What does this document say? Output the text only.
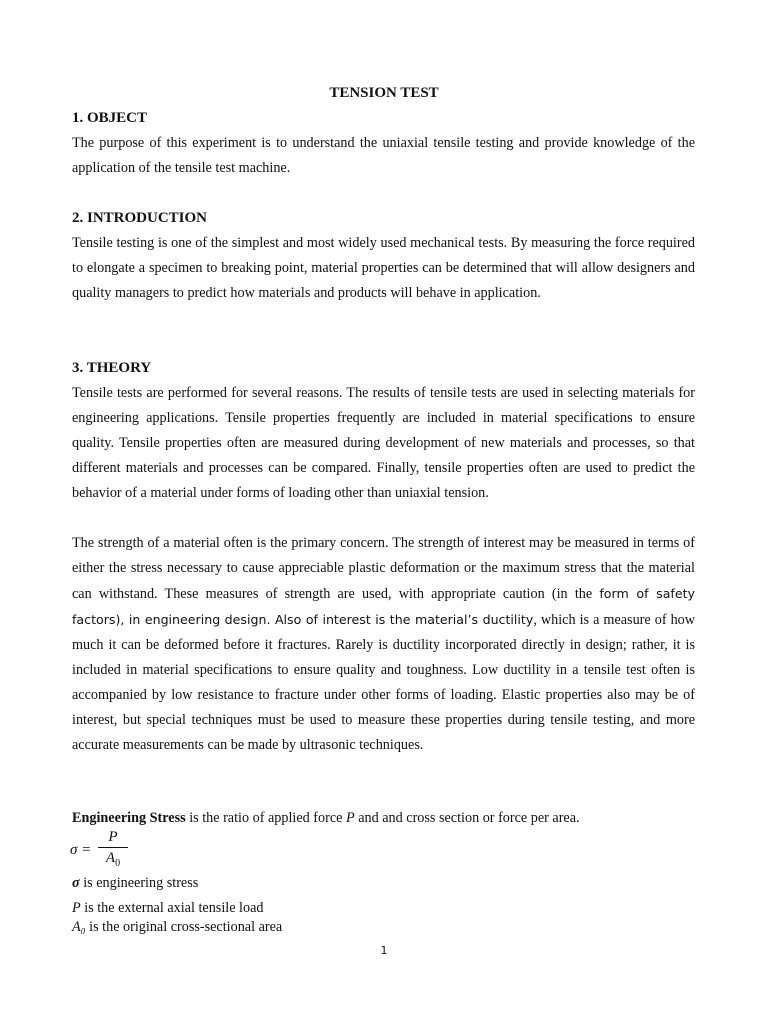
TENSION TEST
1. OBJECT
The purpose of this experiment is to understand the uniaxial tensile testing and provide knowledge of the application of the tensile test machine.
2. INTRODUCTION
Tensile testing is one of the simplest and most widely used mechanical tests. By measuring the force required to elongate a specimen to breaking point, material properties can be determined that will allow designers and quality managers to predict how materials and products will behave in application.
3. THEORY
Tensile tests are performed for several reasons. The results of tensile tests are used in selecting materials for engineering applications. Tensile properties frequently are included in material specifications to ensure quality. Tensile properties often are measured during development of new materials and processes, so that different materials and processes can be compared. Finally, tensile properties often are used to predict the behavior of a material under forms of loading other than uniaxial tension.
The strength of a material often is the primary concern. The strength of interest may be measured in terms of either the stress necessary to cause appreciable plastic deformation or the maximum stress that the material can withstand. These measures of strength are used, with appropriate caution (in the form of safety factors), in engineering design. Also of interest is the material’s ductility, which is a measure of how much it can be deformed before it fractures. Rarely is ductility incorporated directly in design; rather, it is included in material specifications to ensure quality and toughness. Low ductility in a tensile test often is accompanied by low resistance to fracture under other forms of loading. Elastic properties also may be of interest, but special techniques must be used to measure these properties during tensile testing, and more accurate measurements can be made by ultrasonic techniques.
Engineering Stress is the ratio of applied force P and and cross section or force per area.
σ =
P
$A_0$
σ is engineering stress
P is the external axial tensile load
A₀ is the original cross-sectional area
1
